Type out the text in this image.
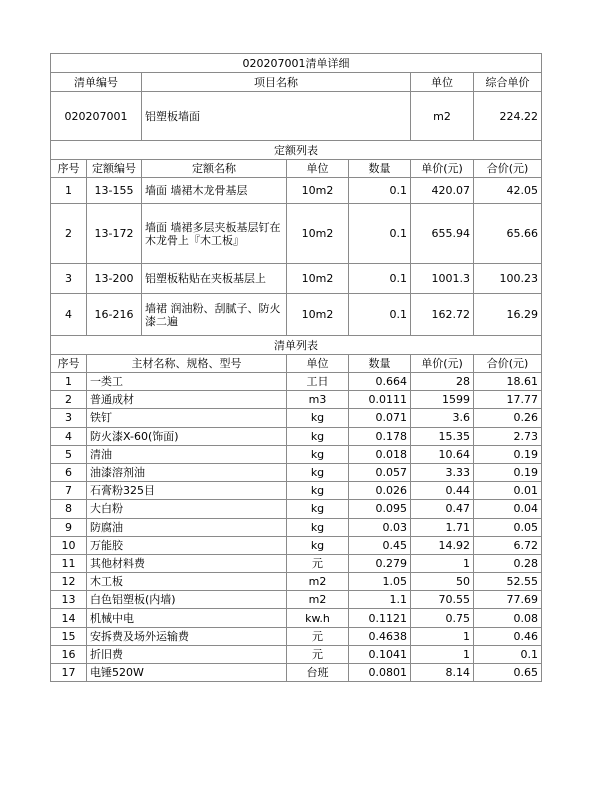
020207001清单详细						
清单编号		项目名称			单位	综合单价
020207001		铝塑板墙面			m2	224.22
定额列表						
序号	定额编号	定额名称	单位	数量	单价(元)	合价(元)
1	13-155	墙面 墙裙木龙骨基层	10m2	0.1	420.07	42.05
2	13-172	墙面 墙裙多层夹板基层钉在木龙骨上『木工板』	10m2	0.1	655.94	65.66
3	13-200	铝塑板粘贴在夹板基层上	10m2	0.1	1001.3	100.23
4	16-216	墙裙 润油粉、刮腻子、防火漆二遍	10m2	0.1	162.72	16.29
清单列表						
序号	主材名称、规格、型号		单位	数量	单价(元)	合价(元)
1	一类工		工日	0.664	28	18.61
2	普通成材		m3	0.0111	1599	17.77
3	铁钉		kg	0.071	3.6	0.26
4	防火漆X-60(饰面)		kg	0.178	15.35	2.73
5	清油		kg	0.018	10.64	0.19
6	油漆溶剂油		kg	0.057	3.33	0.19
7	石膏粉325目		kg	0.026	0.44	0.01
8	大白粉		kg	0.095	0.47	0.04
9	防腐油		kg	0.03	1.71	0.05
10	万能胶		kg	0.45	14.92	6.72
11	其他材料费		元	0.279	1	0.28
12	木工板		m2	1.05	50	52.55
13	白色铝塑板(内墙)		m2	1.1	70.55	77.69
14	机械中电		kw.h	0.1121	0.75	0.08
15	安拆费及场外运输费		元	0.4638	1	0.46
16	折旧费		元	0.1041	1	0.1
17	电锤520W		台班	0.0801	8.14	0.65
